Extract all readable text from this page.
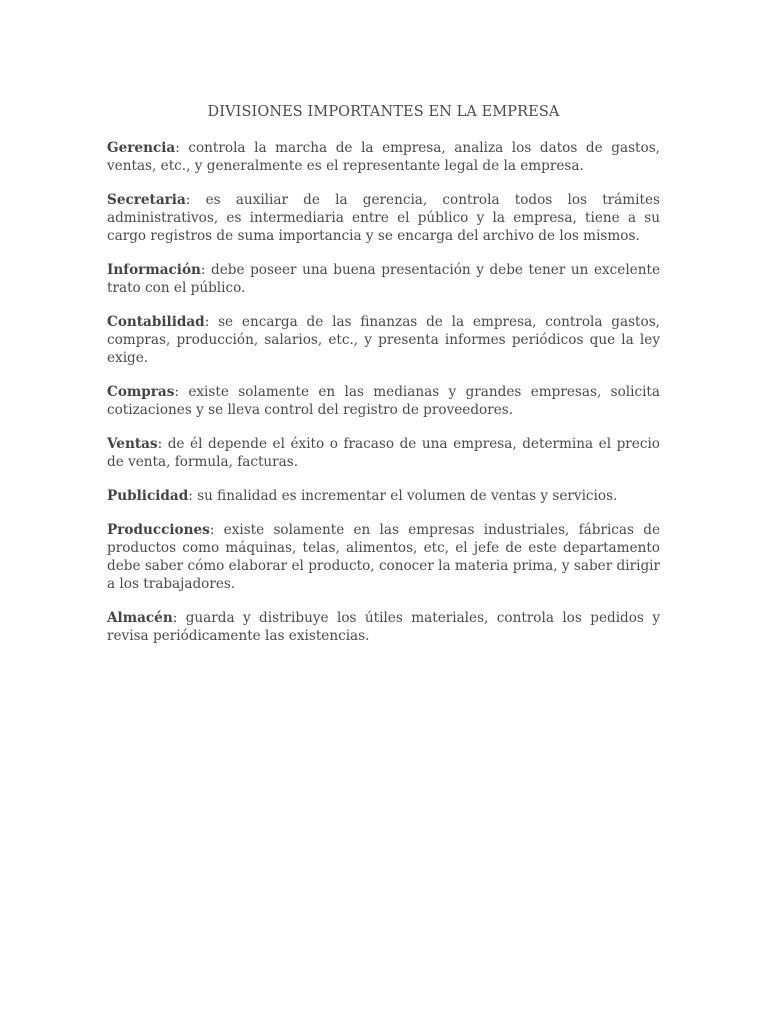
DIVISIONES IMPORTANTES EN LA EMPRESA

Gerencia: controla la marcha de la empresa, analiza los datos de gastos, ventas, etc., y generalmente es el representante legal de la empresa.

Secretaria: es auxiliar de la gerencia, controla todos los trámites administrativos, es intermediaria entre el público y la empresa, tiene a su cargo registros de suma importancia y se encarga del archivo de los mismos.

Información: debe poseer una buena presentación y debe tener un excelente trato con el público.

Contabilidad: se encarga de las finanzas de la empresa, controla gastos, compras, producción, salarios, etc., y presenta informes periódicos que la ley exige.

Compras: existe solamente en las medianas y grandes empresas, solicita cotizaciones y se lleva control del registro de proveedores.

Ventas: de él depende el éxito o fracaso de una empresa, determina el precio de venta, formula, facturas.

Publicidad: su finalidad es incrementar el volumen de ventas y servicios.

Producciones: existe solamente en las empresas industriales, fábricas de productos como máquinas, telas, alimentos, etc, el jefe de este departamento debe saber cómo elaborar el producto, conocer la materia prima, y saber dirigir a los trabajadores.

Almacén: guarda y distribuye los útiles materiales, controla los pedidos y revisa periódicamente las existencias.
